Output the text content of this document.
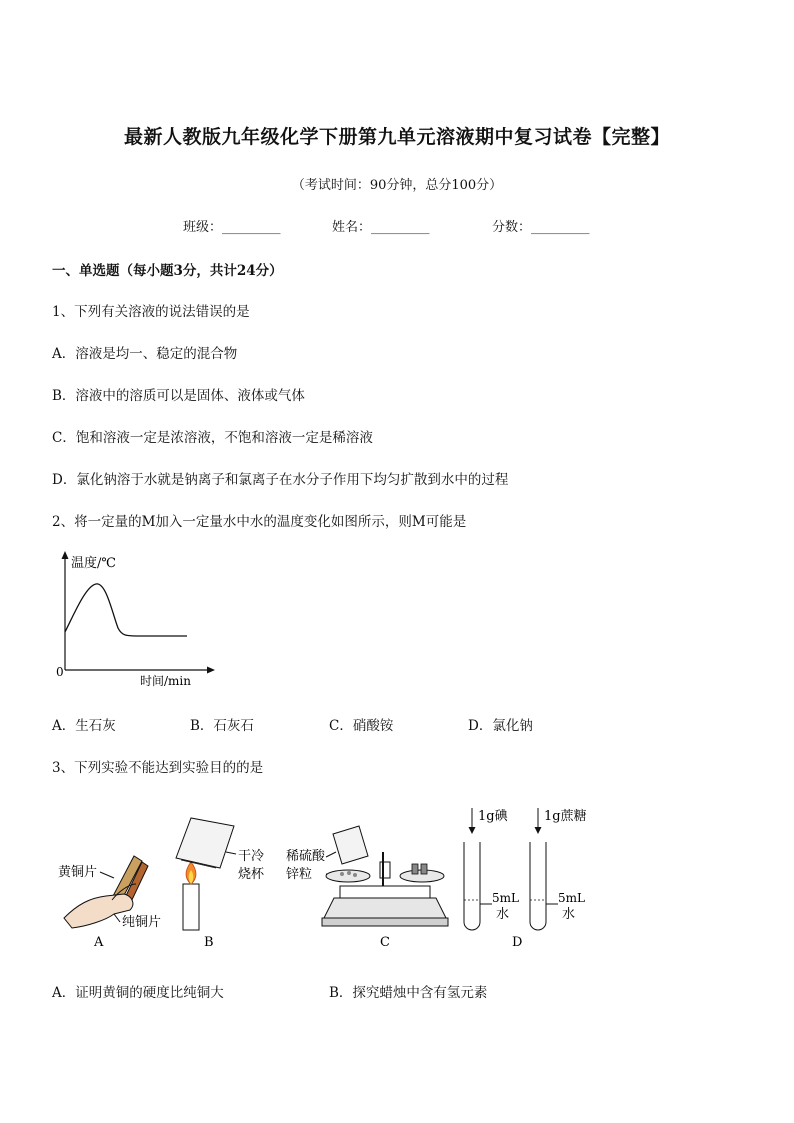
最新人教版九年级化学下册第九单元溶液期中复习试卷【完整】
（考试时间：90分钟，总分100分）
班级：_________	姓名：_________	分数：_________
一、单选题（每小题3分，共计24分）
1、下列有关溶液的说法错误的是
A．溶液是均一、稳定的混合物
B．溶液中的溶质可以是固体、液体或气体
C．饱和溶液一定是浓溶液，不饱和溶液一定是稀溶液
D．氯化钠溶于水就是钠离子和氯离子在水分子作用下均匀扩散到水中的过程
2、将一定量的M加入一定量水中水的温度变化如图所示，则M可能是
温度/℃
时间/min
0
A．生石灰	B．石灰石	C．硝酸铵	D．氯化钠
3、下列实验不能达到实验目的的是
黄铜片
纯铜片
A
干冷
烧杯
B
稀硫酸
锌粒
C
1g碘
5mL
水
1g蔗糖
5mL
水
D
A．证明黄铜的硬度比纯铜大	B．探究蜡烛中含有氢元素
